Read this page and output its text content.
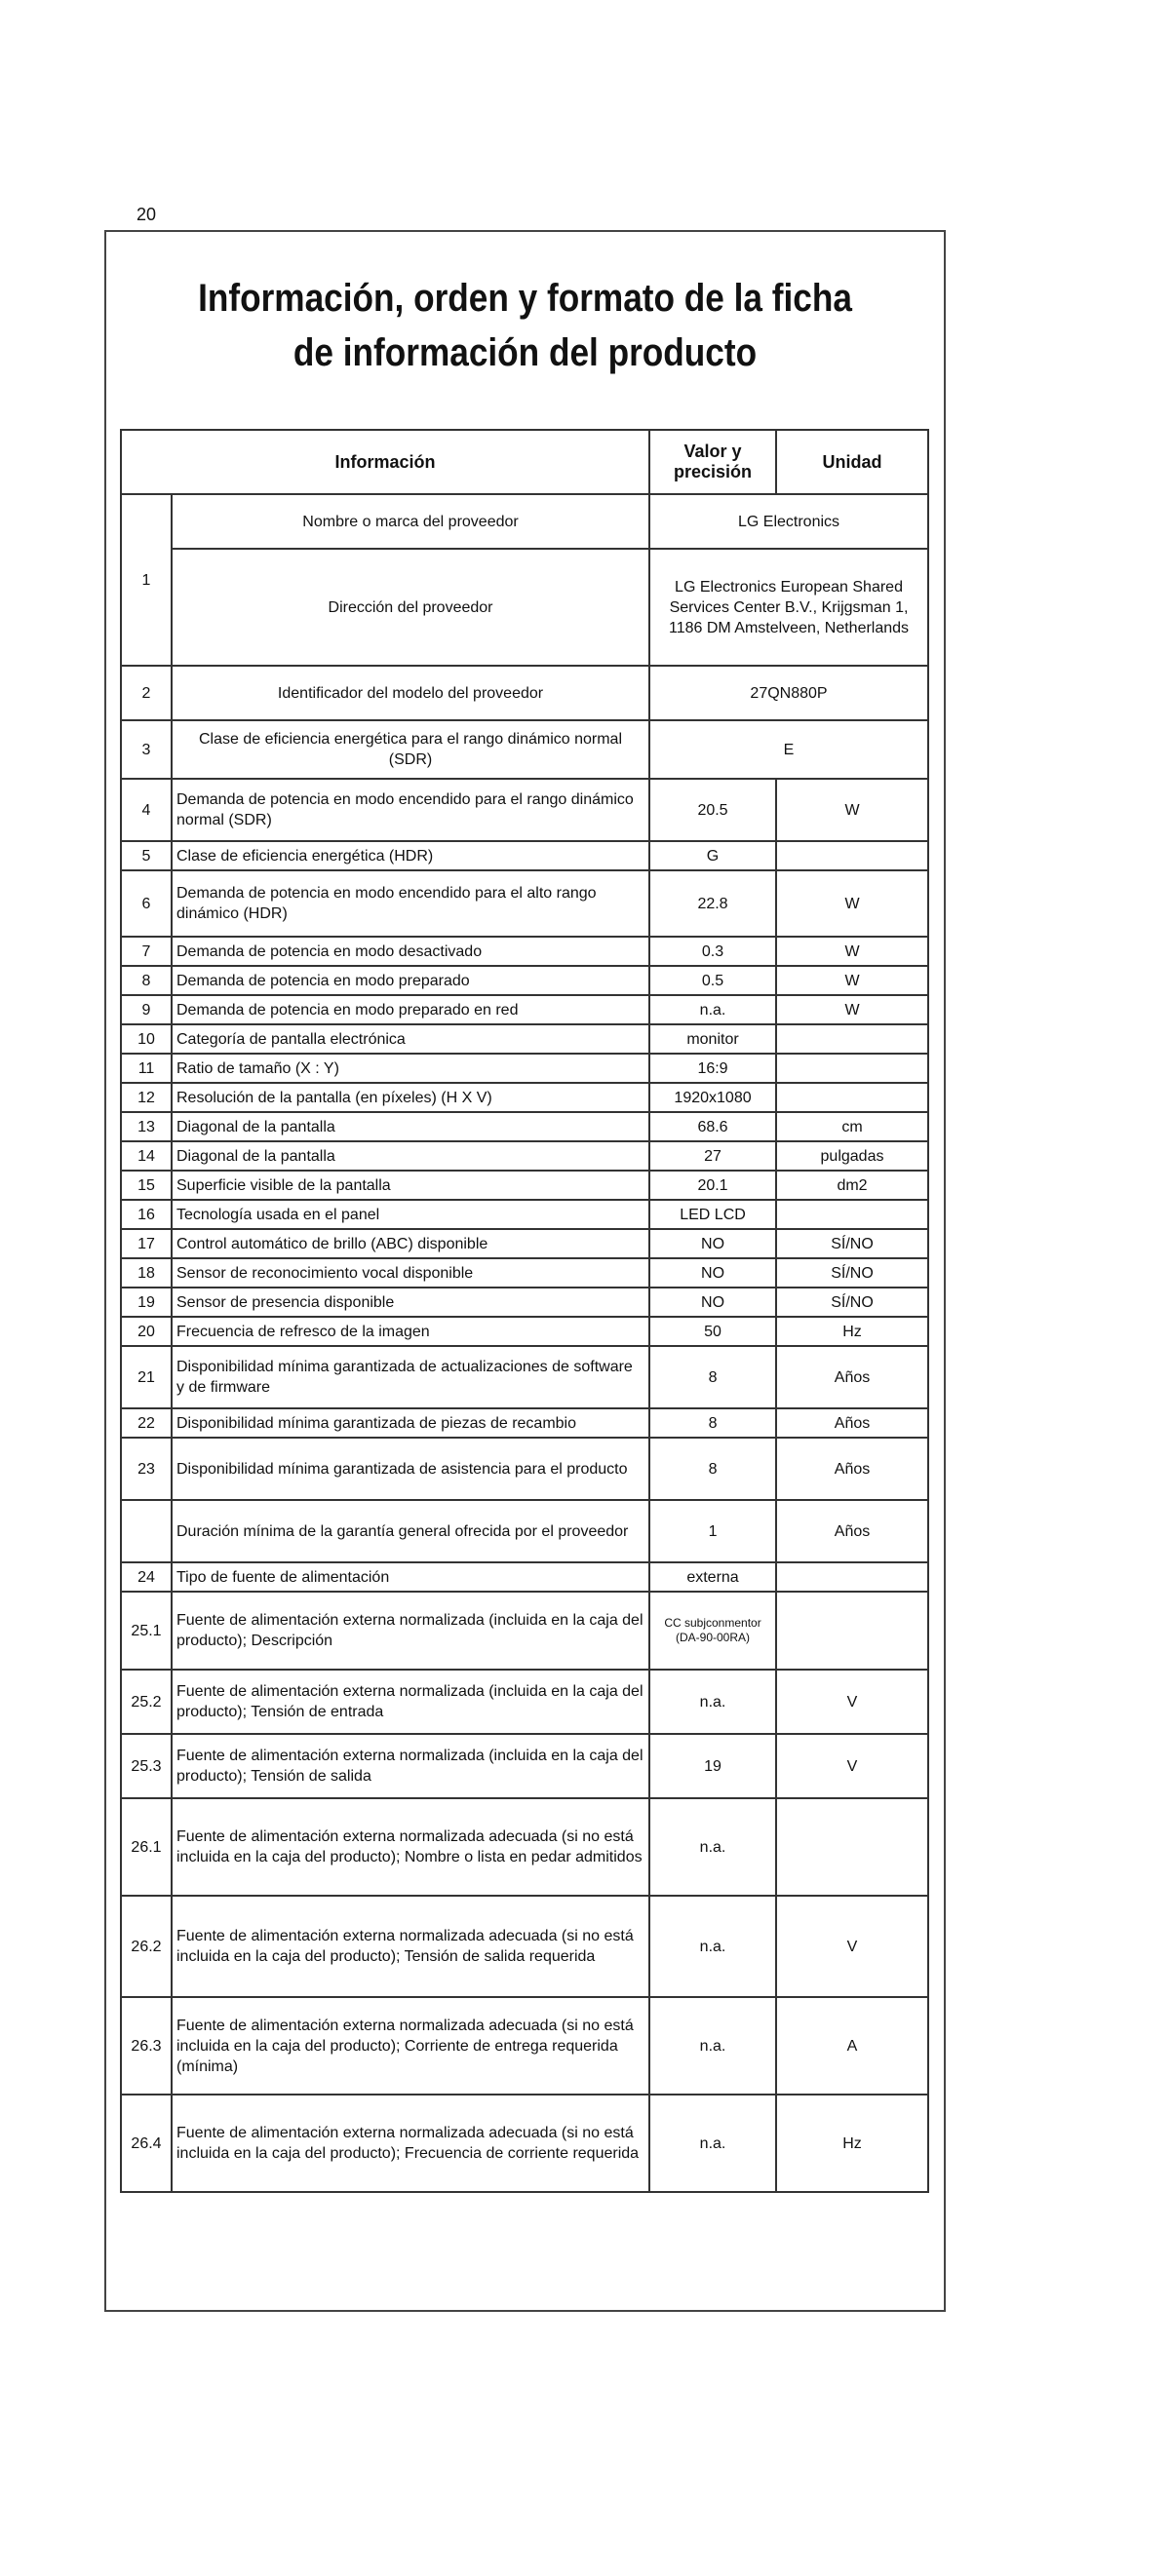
20
Información, orden y formato de la ficha
de información del producto
Información		Valor y precisión	Unidad
1	Nombre o marca del proveedor	LG Electronics	
	Dirección del proveedor	LG Electronics European Shared Services Center B.V., Krijgsman 1, 1186 DM Amstelveen, Netherlands	
2	Identificador del modelo del proveedor	27QN880P	
3	Clase de eficiencia energética para el rango dinámico normal (SDR)	E	
4	Demanda de potencia en modo encendido para el rango dinámico normal (SDR)	20.5	W
5	Clase de eficiencia energética (HDR)	G	
6	Demanda de potencia en modo encendido para el alto rango dinámico (HDR)	22.8	W
7	Demanda de potencia en modo desactivado	0.3	W
8	Demanda de potencia en modo preparado	0.5	W
9	Demanda de potencia en modo preparado en red	n.a.	W
10	Categoría de pantalla electrónica	monitor	
11	Ratio de tamaño (X : Y)	16:9	
12	Resolución de la pantalla (en píxeles) (H X V)	1920x1080	
13	Diagonal de la pantalla	68.6	cm
14	Diagonal de la pantalla	27	pulgadas
15	Superficie visible de la pantalla	20.1	dm2
16	Tecnología usada en el panel	LED LCD	
17	Control automático de brillo (ABC) disponible	NO	SÍ/NO
18	Sensor de reconocimiento vocal disponible	NO	SÍ/NO
19	Sensor de presencia disponible	NO	SÍ/NO
20	Frecuencia de refresco de la imagen	50	Hz
21	Disponibilidad mínima garantizada de actualizaciones de software y de firmware	8	Años
22	Disponibilidad mínima garantizada de piezas de recambio	8	Años
23	Disponibilidad mínima garantizada de asistencia para el producto	8	Años
	Duración mínima de la garantía general ofrecida por el proveedor	1	Años
24	Tipo de fuente de alimentación	externa	
25.1	Fuente de alimentación externa normalizada (incluida en la caja del producto); Descripción	CC subjconmentor (DA-90-00RA)	
25.2	Fuente de alimentación externa normalizada (incluida en la caja del producto); Tensión de entrada	n.a.	V
25.3	Fuente de alimentación externa normalizada (incluida en la caja del producto); Tensión de salida	19	V
26.1	Fuente de alimentación externa normalizada adecuada (si no está incluida en la caja del producto); Nombre o lista en pedar admitidos	n.a.	
26.2	Fuente de alimentación externa normalizada adecuada (si no está incluida en la caja del producto); Tensión de salida requerida	n.a.	V
26.3	Fuente de alimentación externa normalizada adecuada (si no está incluida en la caja del producto); Corriente de entrega requerida (mínima)	n.a.	A
26.4	Fuente de alimentación externa normalizada adecuada (si no está incluida en la caja del producto); Frecuencia de corriente requerida	n.a.	Hz
